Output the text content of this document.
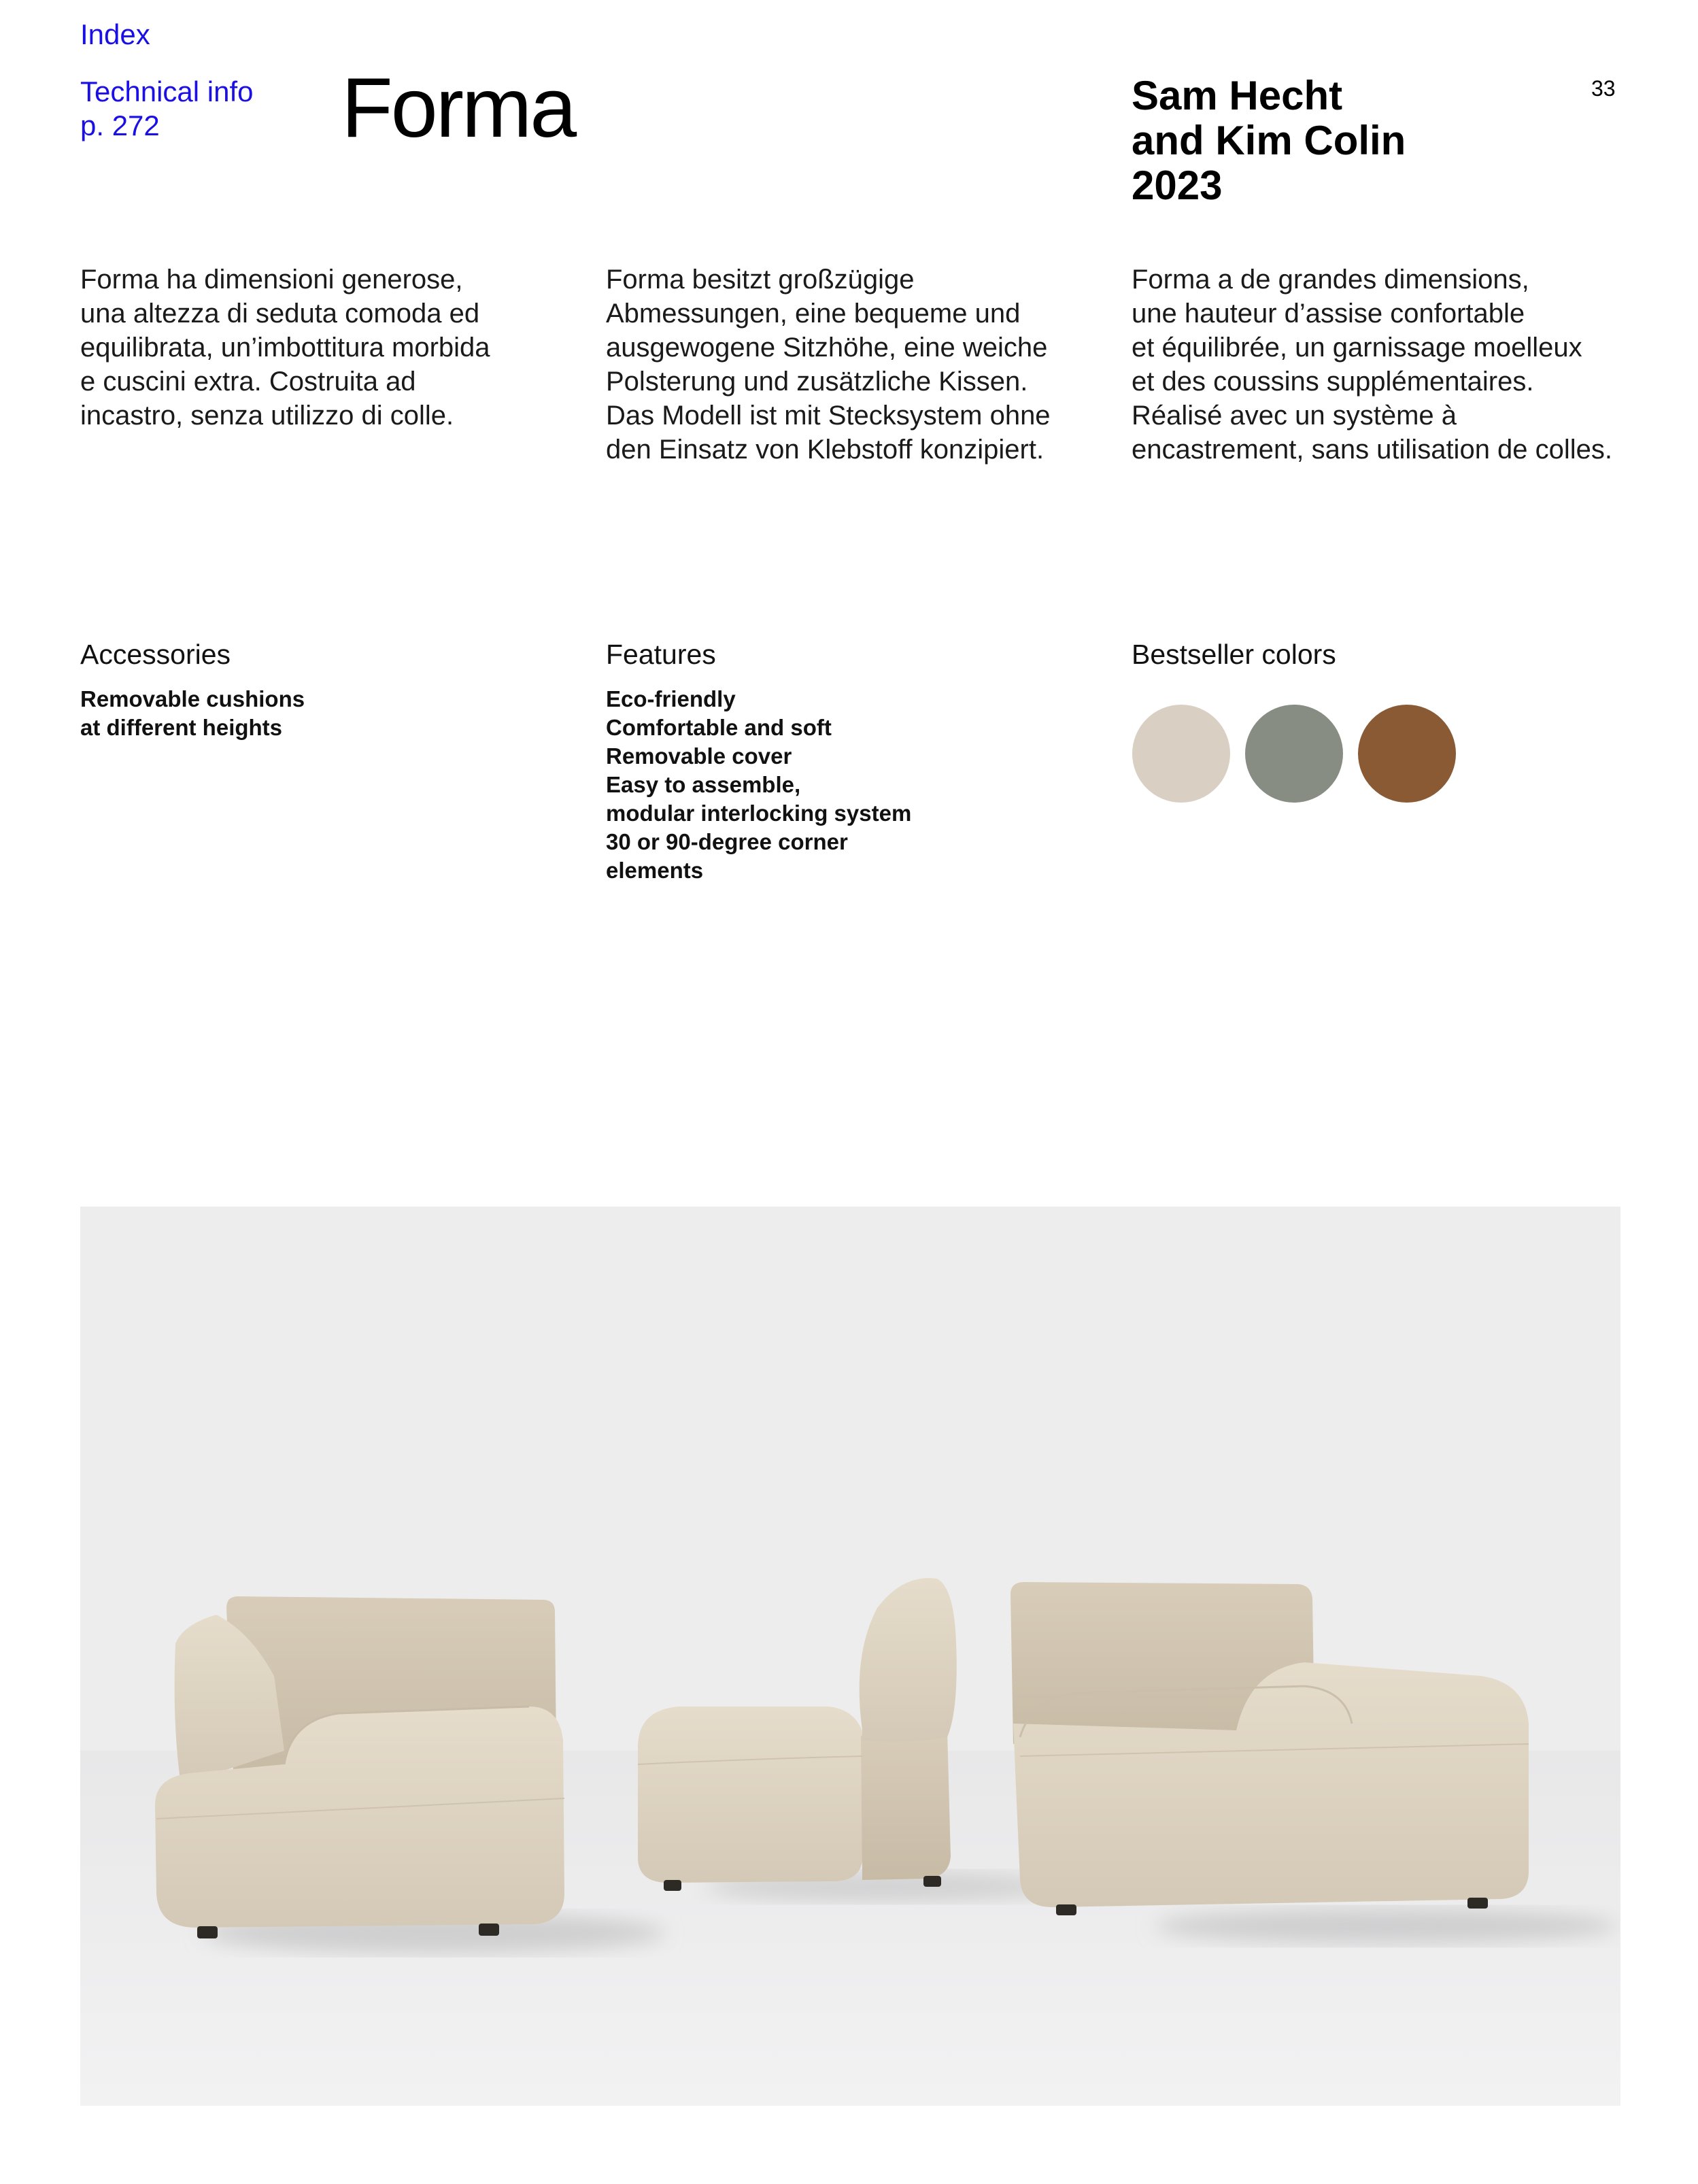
Index
Technical info
p. 272	Forma	Sam Hecht
and Kim Colin
2023
33
Forma ha dimensioni generose,
una altezza di seduta comoda ed
equilibrata, un’imbottitura morbida
e cuscini extra. Costruita ad
incastro, senza utilizzo di colle.
Forma besitzt großzügige
Abmessungen, eine bequeme und
ausgewogene Sitzhöhe, eine weiche
Polsterung und zusätzliche Kissen.
Das Modell ist mit Stecksystem ohne
den Einsatz von Klebstoff konzipiert.
Forma a de grandes dimensions,
une hauteur d’assise confortable
et équilibrée, un garnissage moelleux
et des coussins supplémentaires.
Réalisé avec un système à
encastrement, sans utilisation de colles.
Accessories
Removable cushions
at different heights
Features
Eco-friendly
Comfortable and soft
Removable cover
Easy to assemble,
modular interlocking system
30 or 90-degree corner
elements
Bestseller colors
